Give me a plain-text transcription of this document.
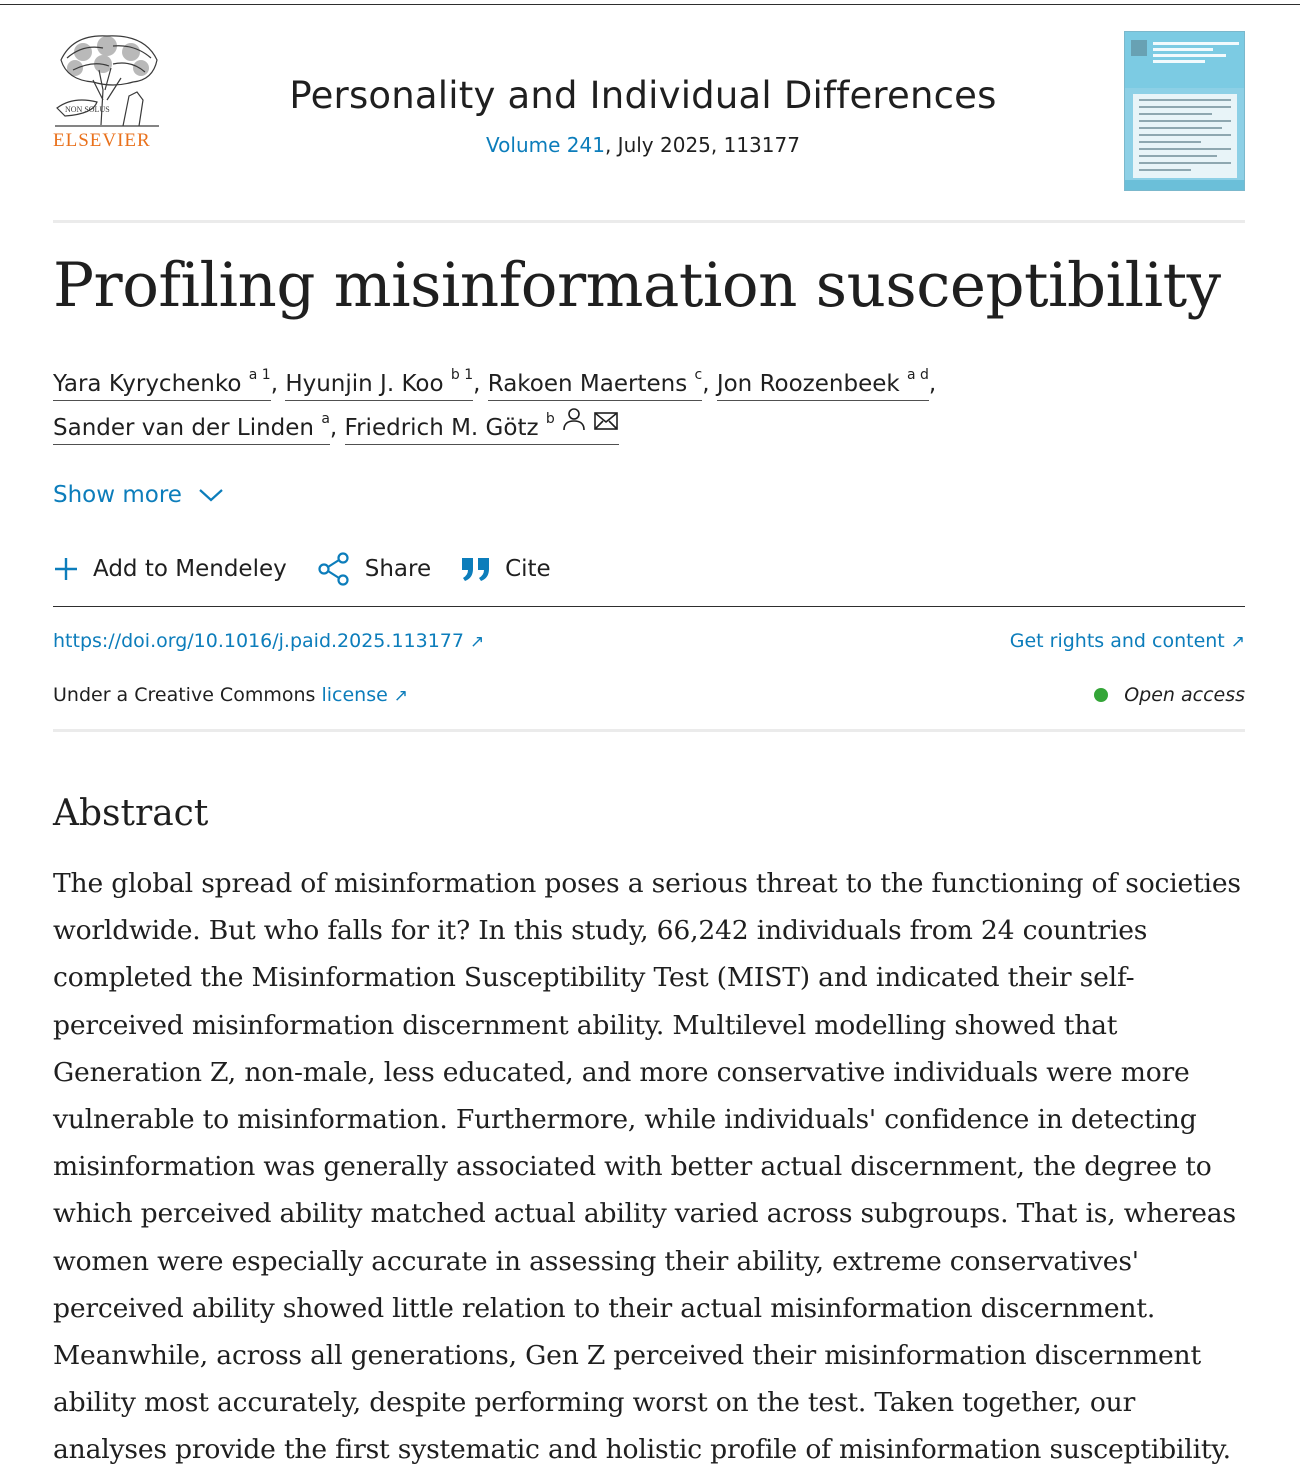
NON SOLUS
ELSEVIER
Personality and Individual Differences
Volume 241, July 2025, 113177
Profiling misinformation susceptibility
Yara Kyrychenko $^{a 1}$, Hyunjin J. Koo $^{b 1}$, Rakoen Maertens $^c$, Jon Roozenbeek $^{a d}$,
Sander van der Linden $^a$, Friedrich M. Götz $^b$
Show more
Add to Mendeley	Share	Cite
https://doi.org/10.1016/j.paid.2025.113177 ↗	Get rights and content ↗
Under a Creative Commons license ↗	Open access
Abstract
The global spread of misinformation poses a serious threat to the functioning of societies
worldwide. But who falls for it? In this study, 66,242 individuals from 24 countries
completed the Misinformation Susceptibility Test (MIST) and indicated their self-
perceived misinformation discernment ability. Multilevel modelling showed that
Generation Z, non-male, less educated, and more conservative individuals were more
vulnerable to misinformation. Furthermore, while individuals' confidence in detecting
misinformation was generally associated with better actual discernment, the degree to
which perceived ability matched actual ability varied across subgroups. That is, whereas
women were especially accurate in assessing their ability, extreme conservatives'
perceived ability showed little relation to their actual misinformation discernment.
Meanwhile, across all generations, Gen Z perceived their misinformation discernment
ability most accurately, despite performing worst on the test. Taken together, our
analyses provide the first systematic and holistic profile of misinformation susceptibility.
